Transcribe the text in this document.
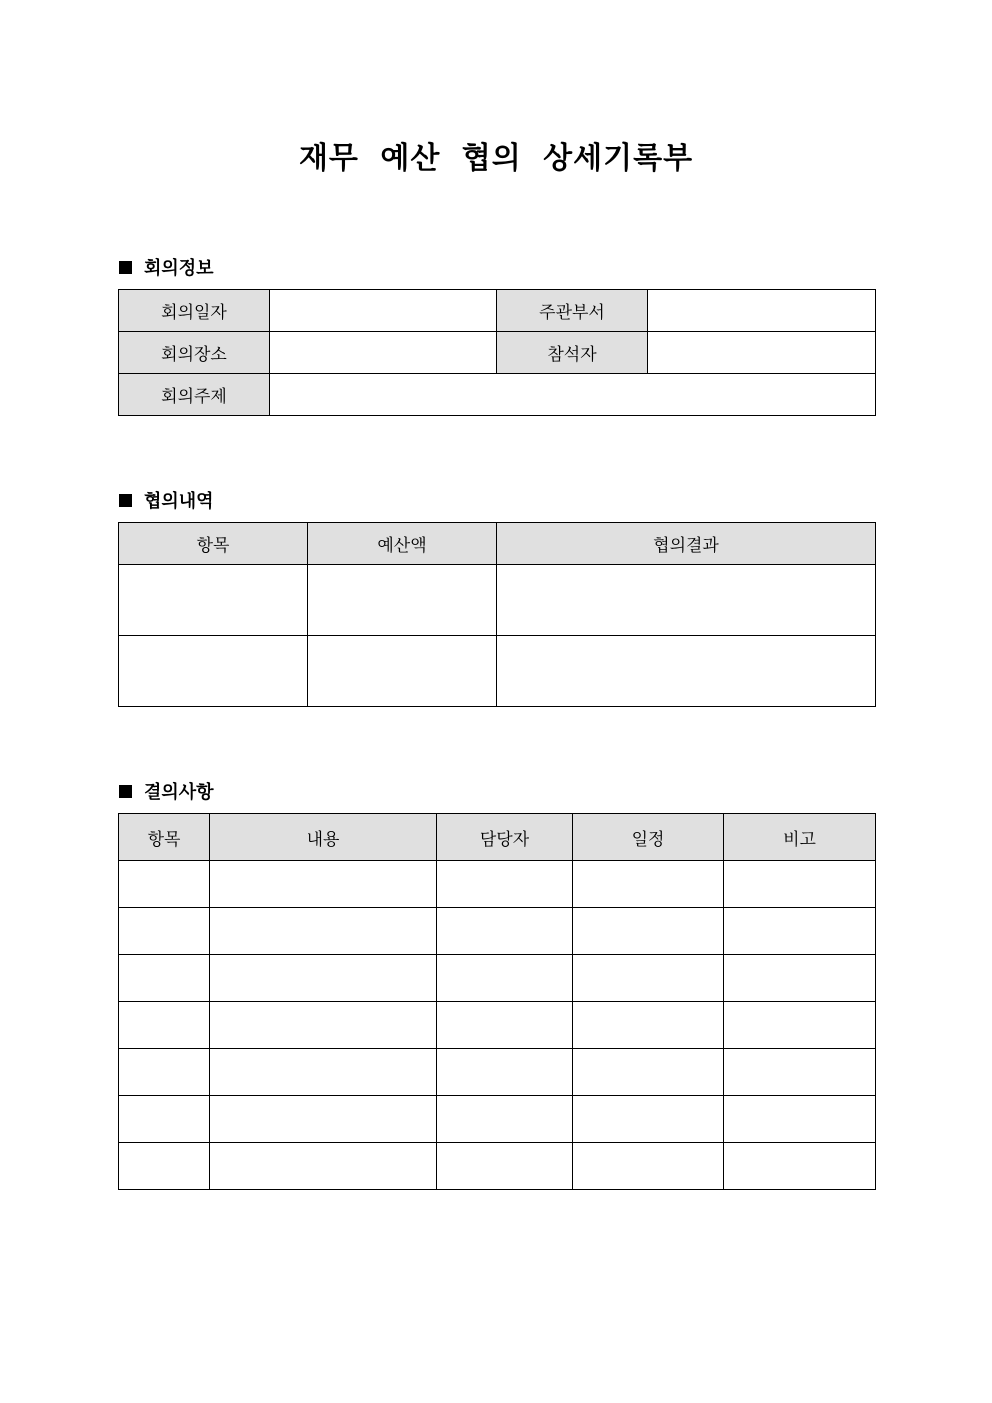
재무 예산 협의 상세기록부
회의정보
회의일자		주관부서	
회의장소		참석자	
회의주제			
협의내역
항목	예산액	협의결과

결의사항
항목	내용	담당자	일정	비고
